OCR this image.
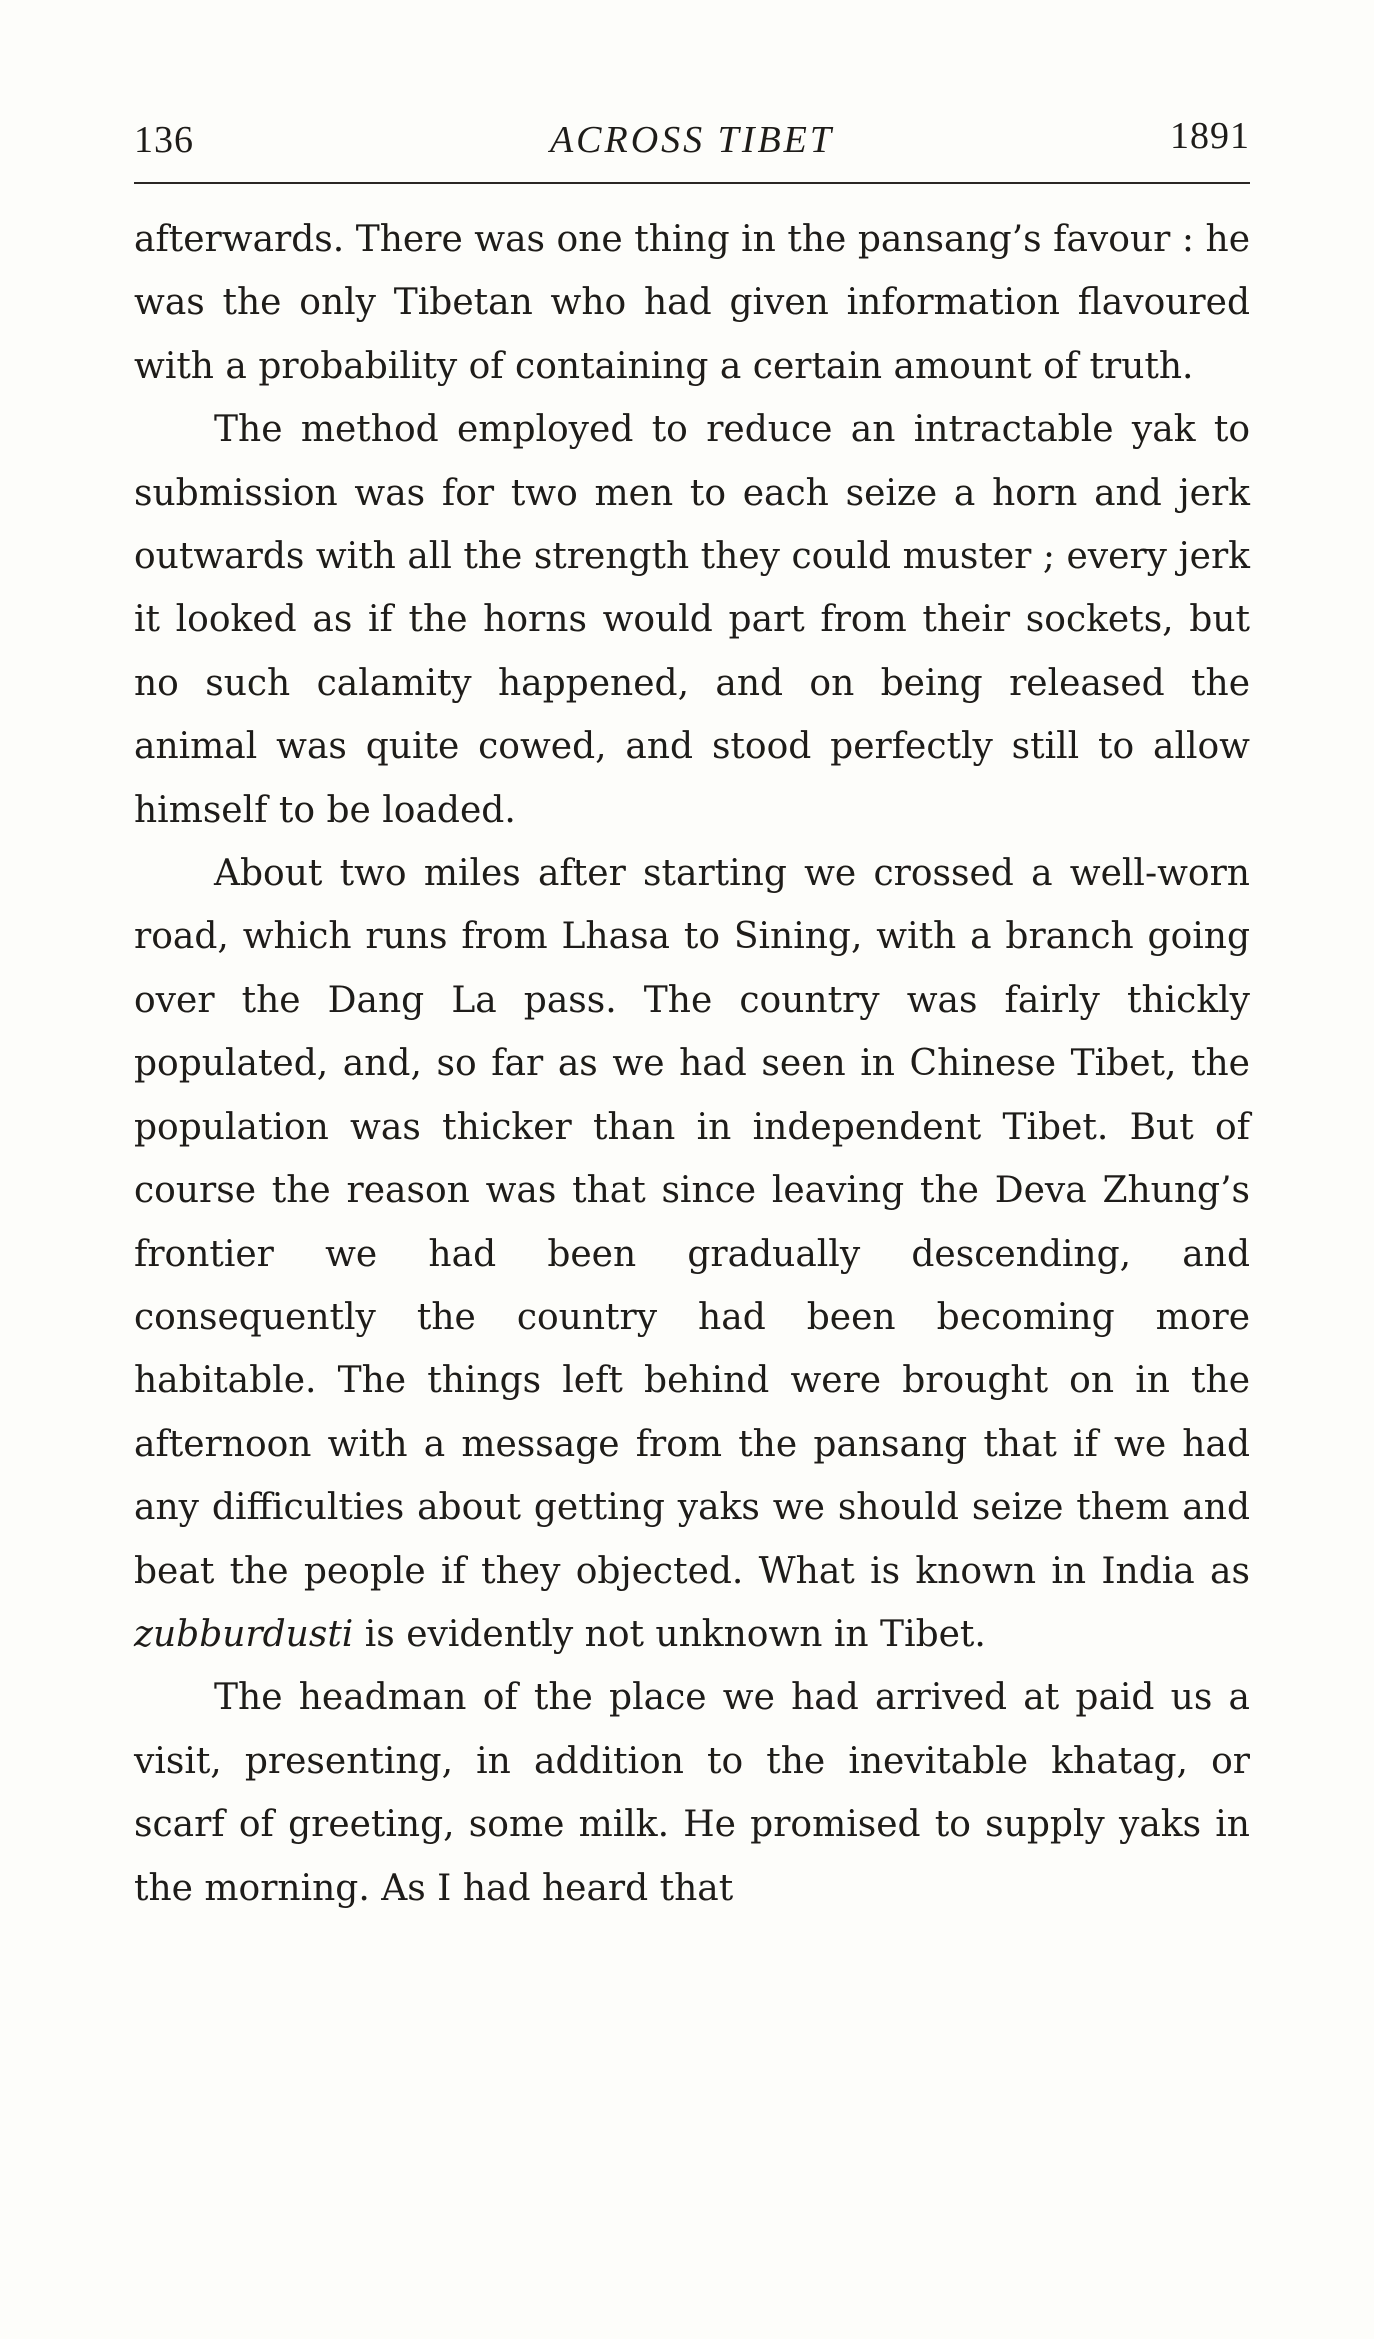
136	ACROSS TIBET	1891

afterwards. There was one thing in the pansang’s favour : he was the only Tibetan who had given information flavoured with a probability of containing a certain amount of truth.

The method employed to reduce an intractable yak to submission was for two men to each seize a horn and jerk outwards with all the strength they could muster ; every jerk it looked as if the horns would part from their sockets, but no such calamity happened, and on being released the animal was quite cowed, and stood perfectly still to allow himself to be loaded.

About two miles after starting we crossed a well-worn road, which runs from Lhasa to Sining, with a branch going over the Dang La pass. The country was fairly thickly populated, and, so far as we had seen in Chinese Tibet, the population was thicker than in independent Tibet. But of course the reason was that since leaving the Deva Zhung’s frontier we had been gradually descending, and consequently the country had been becoming more habitable. The things left behind were brought on in the afternoon with a message from the pansang that if we had any difficulties about getting yaks we should seize them and beat the people if they objected. What is known in India as zubburdusti is evidently not unknown in Tibet.

The headman of the place we had arrived at paid us a visit, presenting, in addition to the inevitable khatag, or scarf of greeting, some milk. He promised to supply yaks in the morning. As I had heard that
